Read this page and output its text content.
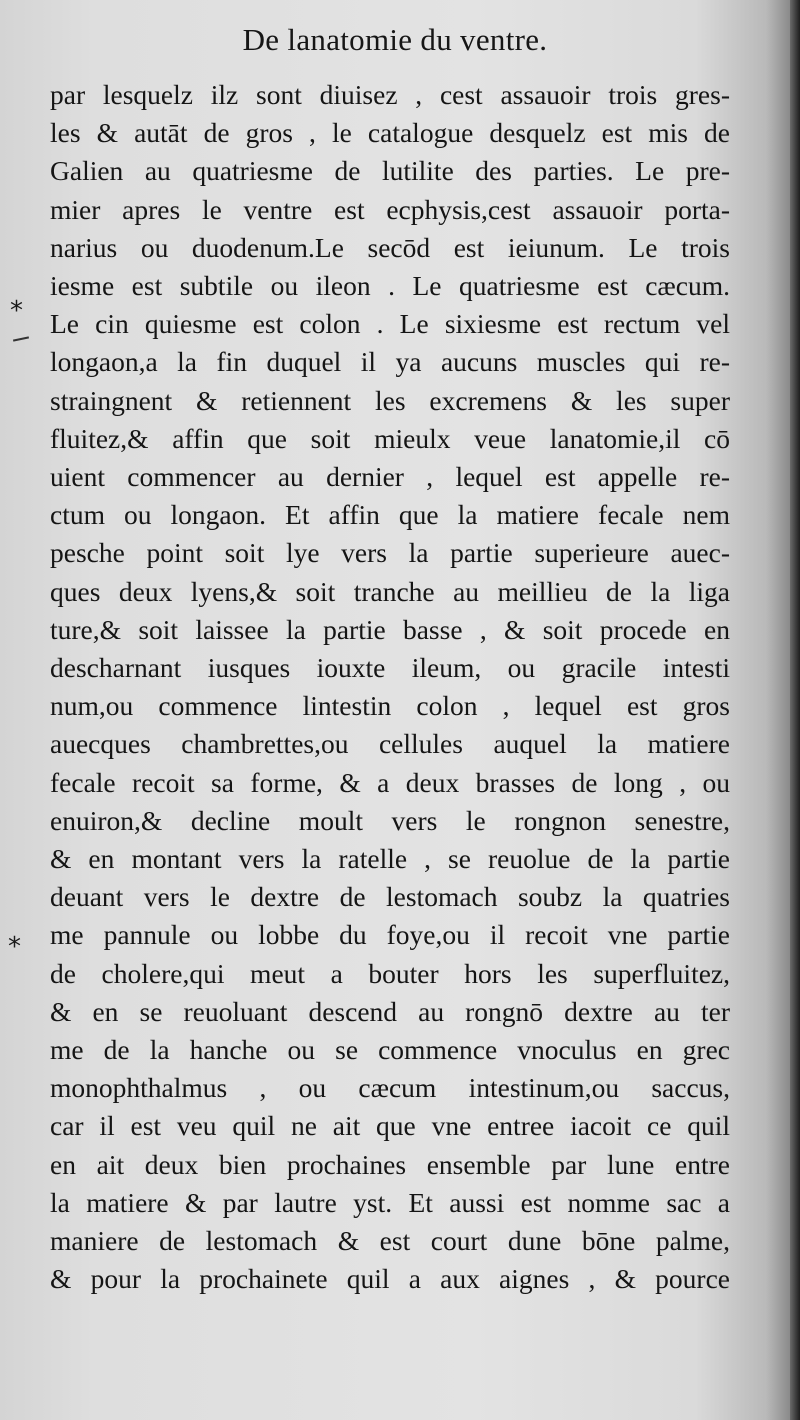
De lanatomie du ventre.
*
*
par lesquelz ilz sont diuisez , cest assauoir trois gres-
les & autāt de gros , le catalogue desquelz est mis de
Galien au quatriesme de lutilite des parties. Le pre-
mier apres le ventre est ecphysis,cest assauoir porta-
narius ou duodenum.Le secōd est ieiunum. Le trois
iesme est subtile ou ileon . Le quatriesme est cæcum.
Le cin quiesme est colon . Le sixiesme est rectum vel
longaon,a la fin duquel il ya aucuns muscles qui re-
straingnent & retiennent les excremens & les super
fluitez,& affin que soit mieulx veue lanatomie,il cō
uient commencer au dernier , lequel est appelle re-
ctum ou longaon. Et affin que la matiere fecale nem
pesche point soit lye vers la partie superieure auec-
ques deux lyens,& soit tranche au meillieu de la liga
ture,& soit laissee la partie basse , & soit procede en
descharnant iusques iouxte ileum, ou gracile intesti
num,ou commence lintestin colon , lequel est gros
auecques chambrettes,ou cellules auquel la matiere
fecale recoit sa forme, & a deux brasses de long , ou
enuiron,& decline moult vers le rongnon senestre,
& en montant vers la ratelle , se reuolue de la partie
deuant vers le dextre de lestomach soubz la quatries
me pannule ou lobbe du foye,ou il recoit vne partie
de cholere,qui meut a bouter hors les superfluitez,
& en se reuoluant descend au rongnō dextre au ter
me de la hanche ou se commence vnoculus en grec
monophthalmus , ou cæcum intestinum,ou saccus,
car il est veu quil ne ait que vne entree iacoit ce quil
en ait deux bien prochaines ensemble par lune entre
la matiere & par lautre yst. Et aussi est nomme sac a
maniere de lestomach & est court dune bōne palme,
& pour la prochainete quil a aux aignes , & pource
